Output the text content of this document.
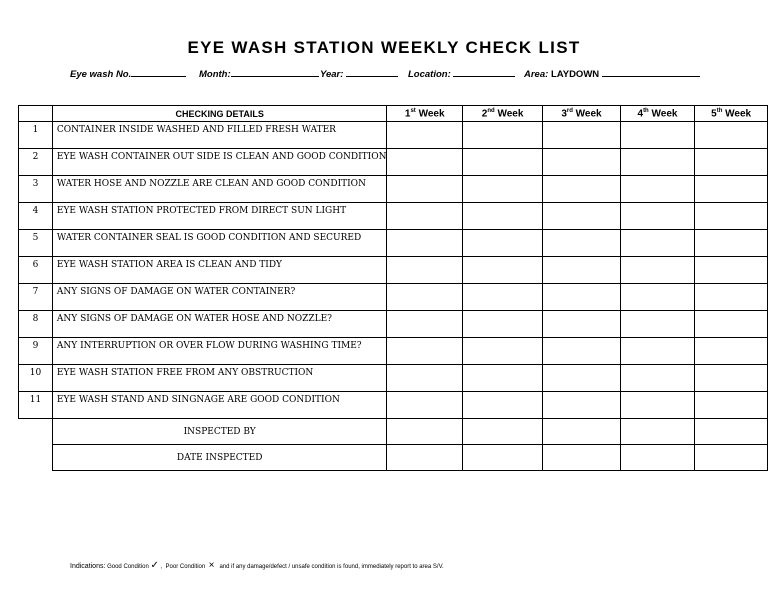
EYE WASH STATION WEEKLY CHECK LIST
Eye wash No.	Month:	Year:	Location:	Area: LAYDOWN
	CHECKING DETAILS	1st Week	2nd Week	3rd Week	4th Week	5th Week
1	CONTAINER INSIDE WASHED AND FILLED FRESH WATER					
2	EYE WASH CONTAINER OUT SIDE IS CLEAN AND GOOD CONDITION					
3	WATER HOSE AND NOZZLE ARE CLEAN AND GOOD CONDITION					
4	EYE WASH STATION PROTECTED FROM DIRECT SUN LIGHT					
5	WATER CONTAINER SEAL IS GOOD CONDITION AND SECURED					
6	EYE WASH STATION AREA IS CLEAN AND TIDY					
7	ANY SIGNS OF DAMAGE ON WATER CONTAINER?					
8	ANY SIGNS OF DAMAGE ON WATER HOSE AND NOZZLE?					
9	ANY INTERRUPTION OR OVER FLOW DURING WASHING TIME?					
10	EYE WASH STATION FREE FROM ANY OBSTRUCTION					
11	EYE WASH STAND AND SINGNAGE ARE GOOD CONDITION					
	INSPECTED BY					
	DATE INSPECTED					
Indications: Good Condition ✓ ,  Poor Condition × and if any damage/defect / unsafe condition is found, immediately report to area S/V.
